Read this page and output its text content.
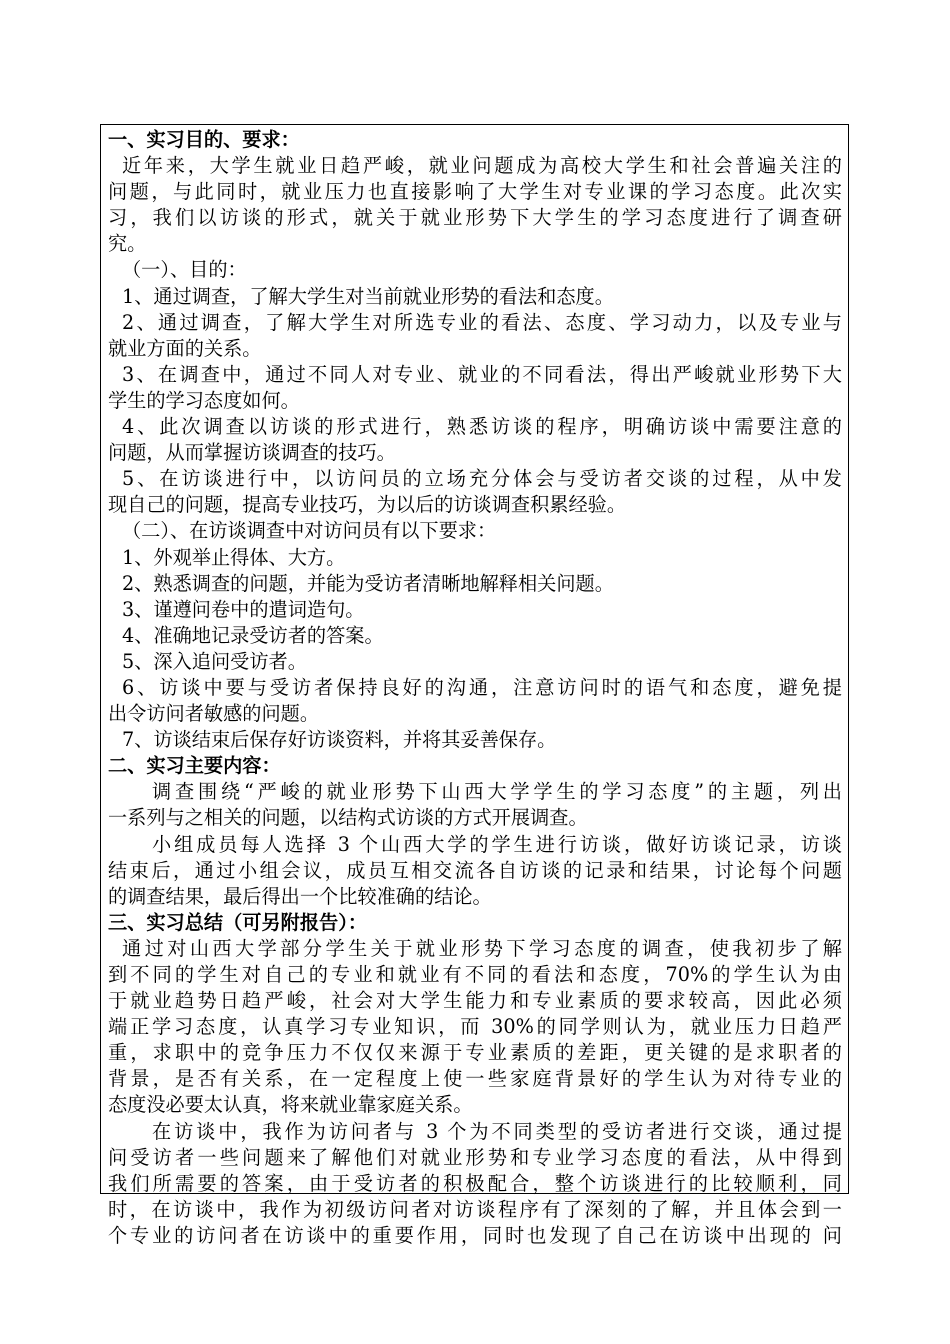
一、实习目的、要求：
近年来，大学生就业日趋严峻，就业问题成为高校大学生和社会普遍关注的
问题，与此同时，就业压力也直接影响了大学生对专业课的学习态度。此次实
习，我们以访谈的形式，就关于就业形势下大学生的学习态度进行了调查研
究。
（一）、目的：
1、通过调查，了解大学生对当前就业形势的看法和态度。
2、通过调查，了解大学生对所选专业的看法、态度、学习动力，以及专业与
就业方面的关系。
3、在调查中，通过不同人对专业、就业的不同看法，得出严峻就业形势下大
学生的学习态度如何。
4、此次调查以访谈的形式进行，熟悉访谈的程序，明确访谈中需要注意的
问题，从而掌握访谈调查的技巧。
5、在访谈进行中，以访问员的立场充分体会与受访者交谈的过程，从中发
现自己的问题，提高专业技巧，为以后的访谈调查积累经验。
（二）、在访谈调查中对访问员有以下要求：
1、外观举止得体、大方。
2、熟悉调查的问题，并能为受访者清晰地解释相关问题。
3、谨遵问卷中的遣词造句。
4、准确地记录受访者的答案。
5、深入追问受访者。
6、访谈中要与受访者保持良好的沟通，注意访问时的语气和态度，避免提
出令访问者敏感的问题。
7、访谈结束后保存好访谈资料，并将其妥善保存。
二、实习主要内容：
调查围绕“严峻的就业形势下山西大学学生的学习态度”的主题，列出
一系列与之相关的问题，以结构式访谈的方式开展调查。
小组成员每人选择 3 个山西大学的学生进行访谈，做好访谈记录，访谈
结束后，通过小组会议，成员互相交流各自访谈的记录和结果，讨论每个问题
的调查结果，最后得出一个比较准确的结论。
三、实习总结（可另附报告）：
通过对山西大学部分学生关于就业形势下学习态度的调查，使我初步了解
到不同的学生对自己的专业和就业有不同的看法和态度，70%的学生认为由
于就业趋势日趋严峻，社会对大学生能力和专业素质的要求较高，因此必须
端正学习态度，认真学习专业知识，而 30%的同学则认为，就业压力日趋严
重，求职中的竞争压力不仅仅来源于专业素质的差距，更关键的是求职者的
背景，是否有关系，在一定程度上使一些家庭背景好的学生认为对待专业的
态度没必要太认真，将来就业靠家庭关系。
在访谈中，我作为访问者与 3 个为不同类型的受访者进行交谈，通过提
问受访者一些问题来了解他们对就业形势和专业学习态度的看法，从中得到
我们所需要的答案，由于受访者的积极配合，整个访谈进行的比较顺利，同
时，在访谈中，我作为初级访问者对访谈程序有了深刻的了解，并且体会到一
个专业的访问者在访谈中的重要作用，同时也发现了自己在访谈中出现的 问
